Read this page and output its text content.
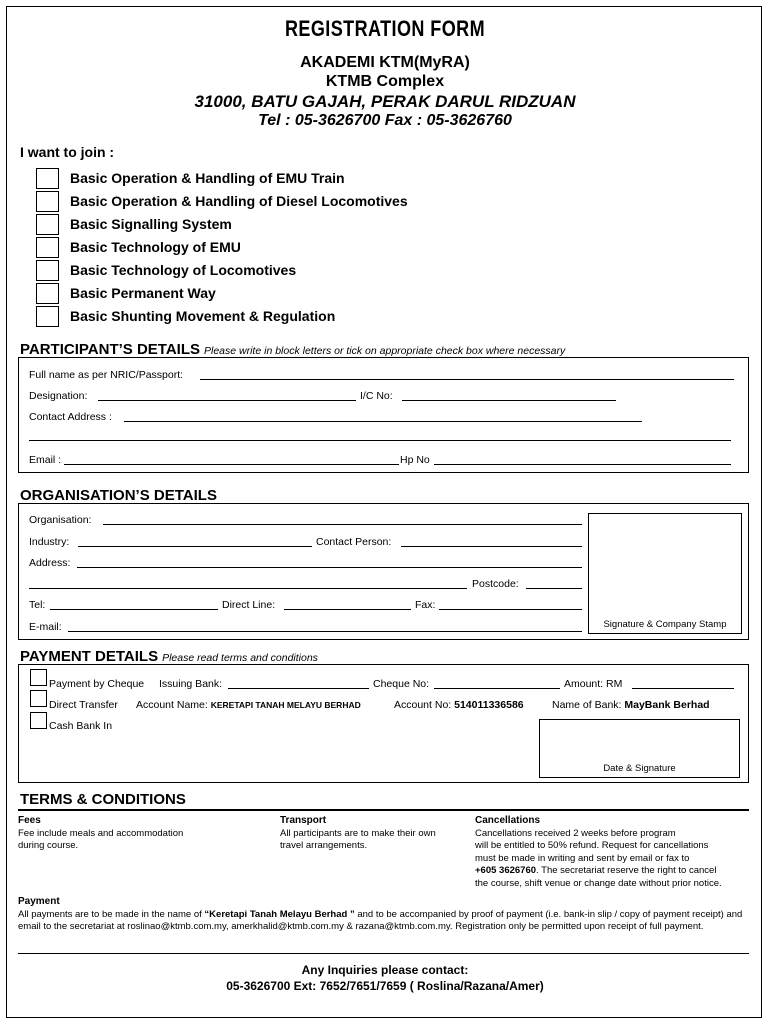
REGISTRATION FORM
AKADEMI KTM(MyRA)
KTMB Complex
31000, BATU GAJAH, PERAK DARUL RIDZUAN
Tel : 05-3626700 Fax : 05-3626760
I want to join :
Basic Operation & Handling of EMU Train
Basic Operation & Handling of Diesel Locomotives
Basic Signalling System
Basic Technology of EMU
Basic Technology of Locomotives
Basic Permanent Way
Basic Shunting Movement & Regulation
PARTICIPANT’S DETAILS Please write in block letters or tick on appropriate check box where necessary
Full name as per NRIC/Passport:
Designation:	I/C No:
Contact Address :
Email :	Hp No
ORGANISATION’S DETAILS
Organisation:
Industry:	Contact Person:
Address:
Postcode:
Tel:	Direct Line:	Fax:
E-mail:	Signature & Company Stamp
PAYMENT DETAILS Please read terms and conditions
Payment by Cheque Issuing Bank:	Cheque No:	Amount: RM
Direct Transfer Account Name: KERETAPI TANAH MELAYU BERHAD	Account No: 514011336586	Name of Bank: MayBank Berhad
Cash Bank In
Date & Signature
TERMS & CONDITIONS
Fees
Fee include meals and accommodation
during course.
Transport
All participants are to make their own
travel arrangements.
Cancellations
Cancellations received 2 weeks before program
will be entitled to 50% refund. Request for cancellations
must be made in writing and sent by email or fax to
+605 3626760. The secretariat reserve the right to cancel
the course, shift venue or change date without prior notice.
Payment
All payments are to be made in the name of “Keretapi Tanah Melayu Berhad ” and to be accompanied by proof of payment (i.e. bank-in slip / copy of payment receipt) and email to the secretariat at roslinao@ktmb.com.my, amerkhalid@ktmb.com.my & razana@ktmb.com.my. Registration only be permitted upon receipt of full payment.
Any Inquiries please contact:
05-3626700 Ext: 7652/7651/7659 ( Roslina/Razana/Amer)
